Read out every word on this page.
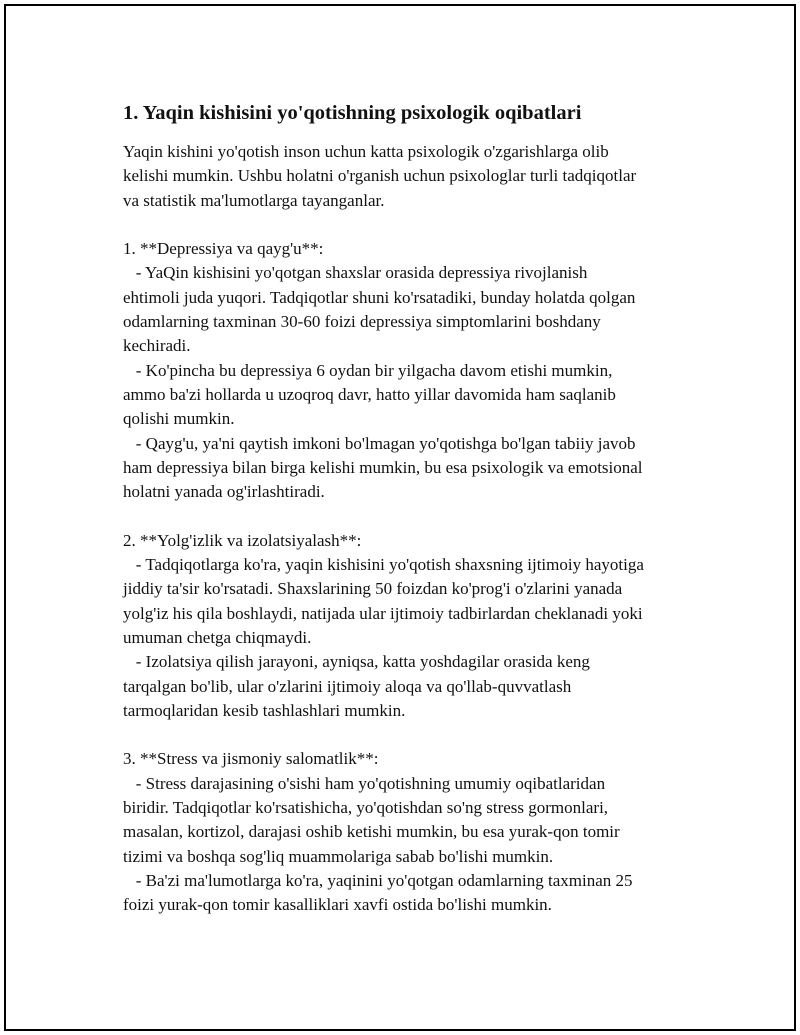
1. Yaqin kishisini yo'qotishning psixologik oqibatlari

Yaqin kishini yo'qotish inson uchun katta psixologik o'zgarishlarga olib
kelishi mumkin. Ushbu holatni o'rganish uchun psixologlar turli tadqiqotlar
va statistik ma'lumotlarga tayanganlar.

1. **Depressiya va qayg'u**:

- YaQin kishisini yo'qotgan shaxslar orasida depressiya rivojlanish
ehtimoli juda yuqori. Tadqiqotlar shuni ko'rsatadiki, bunday holatda qolgan
odamlarning taxminan 30-60 foizi depressiya simptomlarini boshdany
kechiradi.

- Ko'pincha bu depressiya 6 oydan bir yilgacha davom etishi mumkin,
ammo ba'zi hollarda u uzoqroq davr, hatto yillar davomida ham saqlanib
qolishi mumkin.

- Qayg'u, ya'ni qaytish imkoni bo'lmagan yo'qotishga bo'lgan tabiiy javob
ham depressiya bilan birga kelishi mumkin, bu esa psixologik va emotsional
holatni yanada og'irlashtiradi.

2. **Yolg'izlik va izolatsiyalash**:

- Tadqiqotlarga ko'ra, yaqin kishisini yo'qotish shaxsning ijtimoiy hayotiga
jiddiy ta'sir ko'rsatadi. Shaxslarining 50 foizdan ko'prog'i o'zlarini yanada
yolg'iz his qila boshlaydi, natijada ular ijtimoiy tadbirlardan cheklanadi yoki
umuman chetga chiqmaydi.

- Izolatsiya qilish jarayoni, ayniqsa, katta yoshdagilar orasida keng
tarqalgan bo'lib, ular o'zlarini ijtimoiy aloqa va qo'llab-quvvatlash
tarmoqlaridan kesib tashlashlari mumkin.

3. **Stress va jismoniy salomatlik**:

- Stress darajasining o'sishi ham yo'qotishning umumiy oqibatlaridan
biridir. Tadqiqotlar ko'rsatishicha, yo'qotishdan so'ng stress gormonlari,
masalan, kortizol, darajasi oshib ketishi mumkin, bu esa yurak-qon tomir
tizimi va boshqa sog'liq muammolariga sabab bo'lishi mumkin.

- Ba'zi ma'lumotlarga ko'ra, yaqinini yo'qotgan odamlarning taxminan 25
foizi yurak-qon tomir kasalliklari xavfi ostida bo'lishi mumkin.
